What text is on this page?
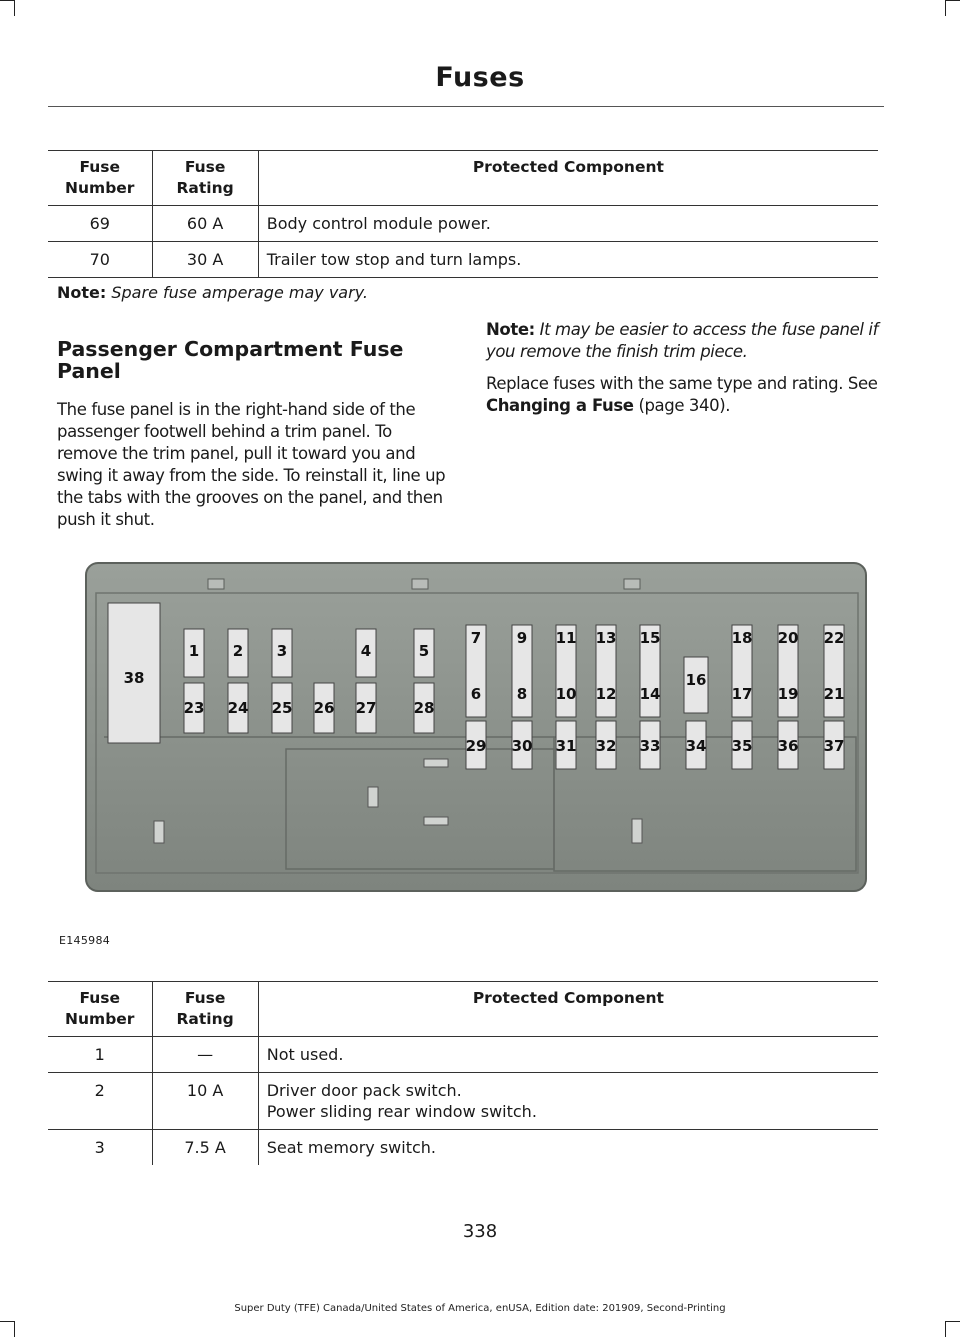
Fuses
Fuse Number	Fuse Rating	Protected Component
69	60 A	Body control module power.
70	30 A	Trailer tow stop and turn lamps.
Note: Spare fuse amperage may vary.
Passenger Compartment Fuse Panel
The fuse panel is in the right-hand side of the passenger footwell behind a trim panel. To remove the trim panel, pull it toward you and swing it away from the side. To reinstall it, line up the tabs with the grooves on the panel, and then push it shut.
Note: It may be easier to access the fuse panel if you remove the finish trim piece.
Replace fuses with the same type and rating. See Changing a Fuse (page 340).
38
1 2 3	4	5
23 24 25 26 27 28
7
6
29
9
8
30
11
10
31
13
12
32
15
14
33
18
17
35
20
19
36
22
21
37
16
34
E145984
Fuse Number	Fuse Rating	Protected Component
1	—	Not used.
2	10 A	Driver door pack switch.
Power sliding rear window switch.

3	7.5 A	Seat memory switch.
338
Super Duty (TFE) Canada/United States of America, enUSA, Edition date: 201909, Second-Printing
